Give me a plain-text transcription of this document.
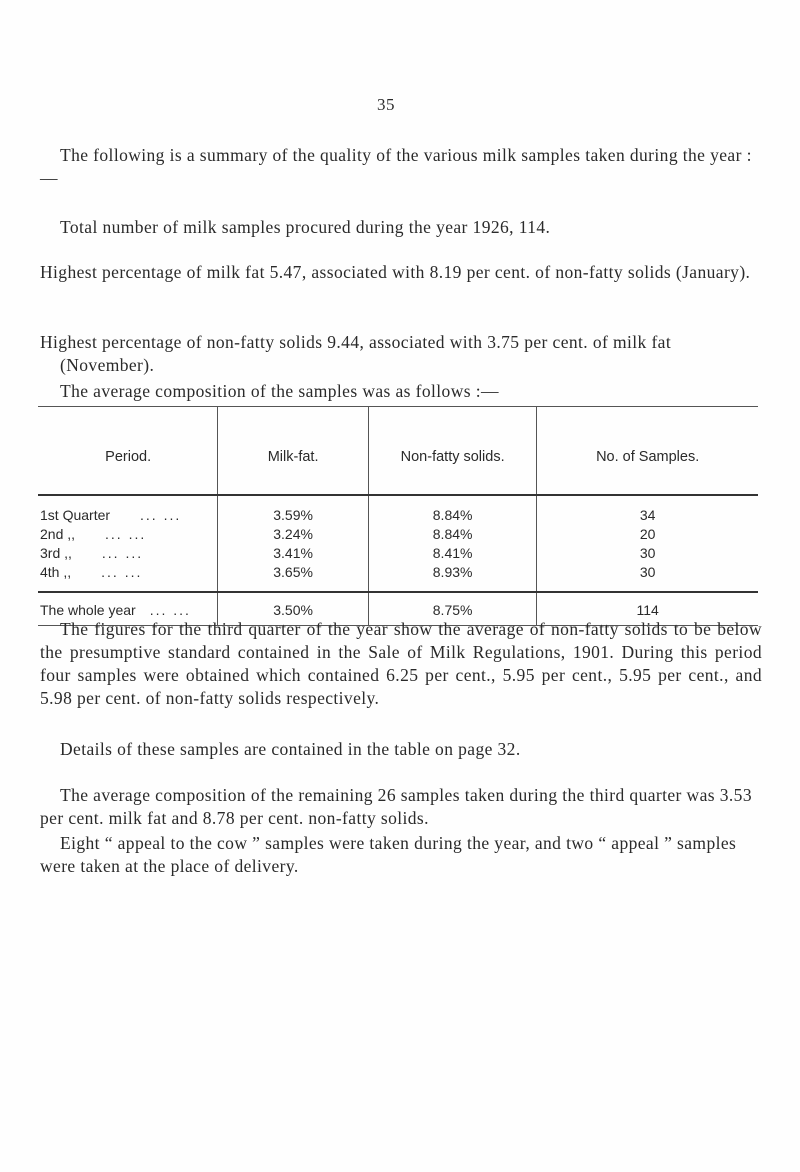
35

The following is a summary of the quality of the various milk samples taken during the year :—

Total number of milk samples procured during the year 1926, 114.

Highest percentage of milk fat 5.47, associated with 8.19 per cent. of non-fatty solids (January).

Highest percentage of non-fatty solids 9.44, associated with 3.75 per cent. of milk fat (November).

The average composition of the samples was as follows :—

Period.	Milk-fat.	Non-fatty solids.	No. of Samples.
1st Quarter ... ...	3.59%	8.84%	34
2nd ,, ... ...	3.24%	8.84%	20
3rd ,, ... ...	3.41%	8.41%	30
4th ,, ... ...	3.65%	8.93%	30
The whole year ... ...	3.50%	8.75%	114

The figures for the third quarter of the year show the average of non-fatty solids to be below the presumptive standard contained in the Sale of Milk Regulations, 1901. During this period four samples were obtained which contained 6.25 per cent., 5.95 per cent., 5.95 per cent., and 5.98 per cent. of non-fatty solids respectively.

Details of these samples are contained in the table on page 32.

The average composition of the remaining 26 samples taken during the third quarter was 3.53 per cent. milk fat and 8.78 per cent. non-fatty solids.

Eight “ appeal to the cow ” samples were taken during the year, and two “ appeal ” samples were taken at the place of delivery.
